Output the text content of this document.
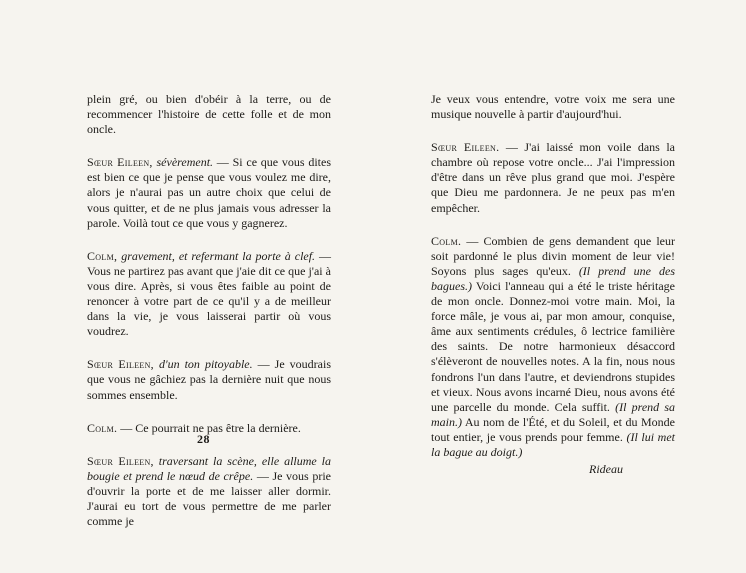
plein gré, ou bien d'obéir à la terre, ou de recommencer l'histoire de cette folle et de mon oncle.

Sœur Eileen, sévèrement. — Si ce que vous dites est bien ce que je pense que vous voulez me dire, alors je n'aurai pas un autre choix que celui de vous quitter, et de ne plus jamais vous adresser la parole. Voilà tout ce que vous y gagnerez.

Colm, gravement, et refermant la porte à clef. — Vous ne partirez pas avant que j'aie dit ce que j'ai à vous dire. Après, si vous êtes faible au point de renoncer à votre part de ce qu'il y a de meilleur dans la vie, je vous laisserai partir où vous voudrez.

Sœur Eileen, d'un ton pitoyable. — Je voudrais que vous ne gâchiez pas la dernière nuit que nous sommes ensemble.

Colm. — Ce pourrait ne pas être la dernière.

Sœur Eileen, traversant la scène, elle allume la bougie et prend le nœud de crêpe. — Je vous prie d'ouvrir la porte et de me laisser aller dormir. J'aurai eu tort de vous permettre de me parler comme je

28

Je veux vous entendre, votre voix me sera une musique nouvelle à partir d'aujourd'hui.

Sœur Eileen. — J'ai laissé mon voile dans la chambre où repose votre oncle... J'ai l'impression d'être dans un rêve plus grand que moi. J'espère que Dieu me pardonnera. Je ne peux pas m'en empêcher.

Colm. — Combien de gens demandent que leur soit pardonné le plus divin moment de leur vie! Soyons plus sages qu'eux. (Il prend une des bagues.) Voici l'anneau qui a été le triste héritage de mon oncle. Donnez-moi votre main. Moi, la force mâle, je vous ai, par mon amour, conquise, âme aux sentiments crédules, ô lectrice familière des saints. De notre harmonieux désaccord s'élèveront de nouvelles notes. A la fin, nous nous fondrons l'un dans l'autre, et deviendrons stupides et vieux. Nous avons incarné Dieu, nous avons été une parcelle du monde. Cela suffit. (Il prend sa main.) Au nom de l'Été, et du Soleil, et du Monde tout entier, je vous prends pour femme. (Il lui met la bague au doigt.)

Rideau
